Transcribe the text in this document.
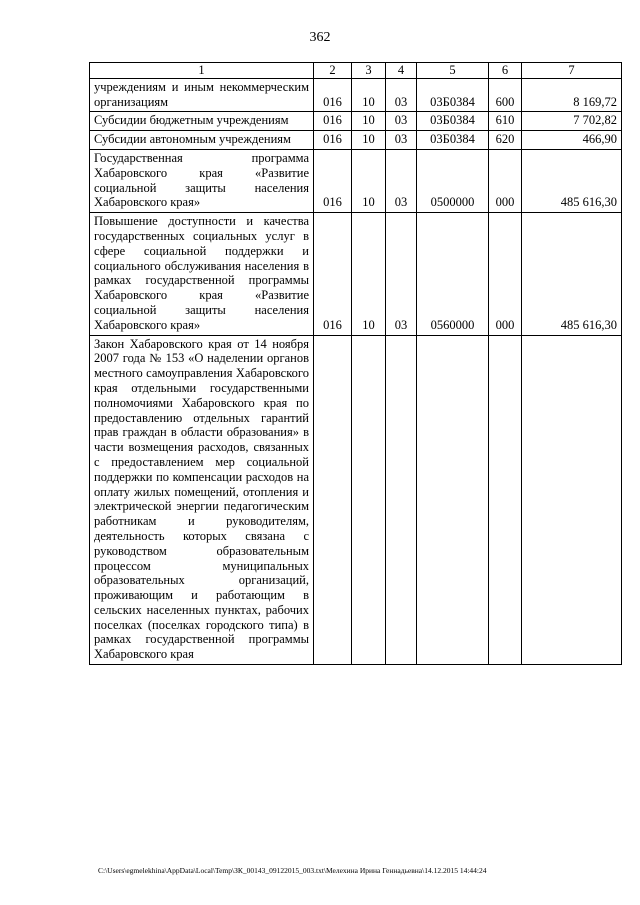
362
1	2	3	4	5	6	7
учреждениям и иным некоммерческим организациям	016	10	03	03Б0384	600	8 169,72
Субсидии бюджетным учреждениям	016	10	03	03Б0384	610	7 702,82
Субсидии автономным учреждениям	016	10	03	03Б0384	620	466,90
Государственная программа Хабаровского края «Развитие социальной защиты населения Хабаровского края»	016	10	03	0500000	000	485 616,30
Повышение доступности и качества государственных социальных услуг в сфере социальной поддержки и социального обслуживания населения в рамках государственной программы Хабаровского края «Развитие социальной защиты населения Хабаровского края»	016	10	03	0560000	000	485 616,30
Закон Хабаровского края от 14 ноября 2007 года № 153 «О наделении органов местного самоуправления Хабаровского края отдельными государственными полномочиями Хабаровского края по предоставлению отдельных гарантий прав граждан в области образования» в части возмещения расходов, связанных с предоставлением мер социальной поддержки по компенсации расходов на оплату жилых помещений, отопления и электрической энергии педагогическим работникам и руководителям, деятельность которых связана с руководством образовательным процессом муниципальных образовательных организаций, проживающим и работающим в сельских населенных пунктах, рабочих поселках (поселках городского типа) в рамках государственной программы Хабаровского края						
C:\Users\egmelekhina\AppData\Local\Temp\ЗК_00143_09122015_003.txt\Мелехина Ирина Геннадьевна\14.12.2015 14:44:24
